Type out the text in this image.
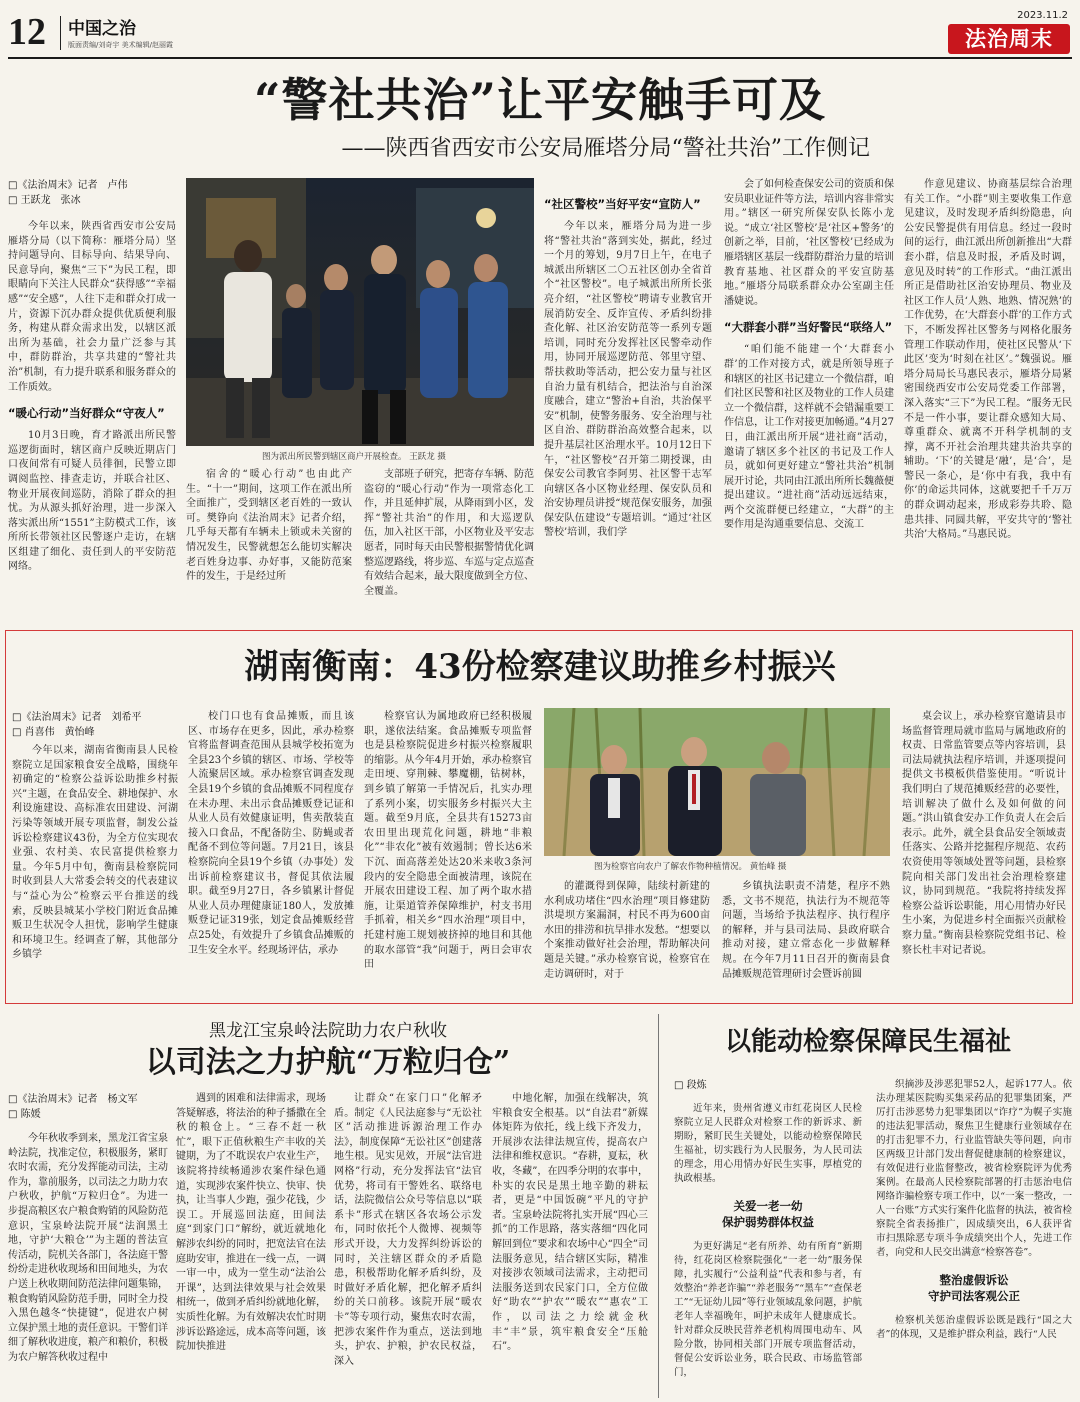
12 中国之治
版面责编/刘奇宇 美术编辑/赵丽霞
2023.11.2
法治周末
“警社共治”让平安触手可及
——陕西省西安市公安局雁塔分局“警社共治”工作侧记
□《法治周末》记者　卢伟
□ 王跃龙　张冰

今年以来，陕西省西安市公安局雁塔分局（以下简称：雁塔分局）坚持问题导向、目标导向、结果导向、民意导向，聚焦“三下”为民工程，即眼睛向下关注人民群众“获得感”“幸福感”“安全感”，人往下走和群众打成一片，资源下沉办群众提供优质便利服务，构建从群众需求出发，以辖区派出所为基础，社会力量广泛参与其中，群防群治，共享共建的“警社共治”机制，有力提升联系和服务群众的工作质效。

“暖心行动”当好群众“守夜人”

10月3日晚，育才路派出所民警巡逻街面时，辖区商户反映近期店门口夜间常有可疑人员徘徊，民警立即调阅监控、排查走访，并联合社区、物业开展夜间巡防，消除了群众的担忧。为从源头抓好治理，进一步深入落实派出所“1551”主防模式工作，该所所长带领社区民警逐户走访，在辖区组建了细化、责任到人的平安防范网络。

图为派出所民警到辖区商户开展检查。 王跃龙 摄

宿舍的“暖心行动”也由此产生。“十一”期间，这项工作在派出所全面推广，受到辖区老百姓的一致认可。樊铮向《法治周末》记者介绍，几乎每天都有车辆未上锁或未关窗的情况发生，民警就想怎么能切实解决老百姓身边事、办好事，又能防范案件的发生，于是经过所

支部班子研究，把寄存车辆、防范盗窃的“暖心行动”作为一项常态化工作，并且延伸扩展，从降雨到小区，发挥“警社共治”的作用，和大巡逻队伍，加入社区干部，小区物业及平安志愿者，同时每天由民警根据警情优化调整巡逻路线，将步巡、车巡与定点巡查有效结合起来，最大限度做到全方位、全覆盖。

“社区警校”当好平安“宣防人”

今年以来，雁塔分局为进一步将“警社共治”落到实处，据此，经过一个月的筹划，9月7日上午，在电子城派出所辖区二〇五社区创办全省首个“社区警校”。电子城派出所所长张亮介绍，“社区警校”聘请专业教官开展消防安全、反诈宣传、矛盾纠纷排查化解、社区治安防范等一系列专题培训，同时充分发挥社区民警牵动作用，协同开展巡逻防范、邻里守望、帮扶救助等活动，把公安力量与社区自治力量有机结合，把法治与自治深度融合，建立“警治+自治，共治保平安”机制，使警务服务、安全治理与社区自治、群防群治高效整合起来，以提升基层社区治理水平。10月12日下午，“社区警校”召开第二期授课，由保安公司教官李阿男、社区警干志军向辖区各小区物业经理、保安队员和治安协理员讲授“规范保安服务，加强保安队伍建设”专题培训。“通过‘社区警校’培训，我们学

会了如何检查保安公司的资质和保安员职业证件等方法，培训内容非常实用。”辖区一研究所保安队长陈小龙说。“成立‘社区警校’是‘社区+警务’的创新之举，目前，‘社区警校’已经成为雁塔辖区基层一线群防群治力量的培训教育基地、社区群众的平安宣防基地。”雁塔分局联系群众办公室副主任潘婕说。

“大群套小群”当好警民“联络人”

“咱们能不能建一个‘大群套小群’的工作对接方式，就是所领导班子和辖区的社区书记建立一个微信群，咱们社区民警和社区及物业的工作人员建立一个微信群，这样就不会错漏重要工作信息，让工作对接更加畅通。”4月27日，曲江派出所开展“进社商”活动，邀请了辖区多个社区的书记及工作人员，就如何更好建立“警社共治”机制展开讨论，共同由江派出所所长魏薇便提出建议。“进社商”活动远远结束，两个交流群便已经建立，“大群”的主要作用是沟通重要信息、交流工

作意见建议、协商基层综合治理有关工作。“小群”则主要收集工作意见建议，及时发现矛盾纠纷隐患，向公安民警提供有用信息。经过一段时间的运行，曲江派出所创新推出“大群套小群，信息及时报，矛盾及时调，意见及时转”的工作形式。“曲江派出所正是借助社区治安协理员、物业及社区工作人员‘人熟、地熟、情况熟’的工作优势，在‘大群套小群’的工作方式下，不断发挥社区警务与网格化服务管理工作联动作用，使社区民警从‘下此区’变为‘时刻在社区’。”魏强说。雁塔分局局长马惠民表示，雁塔分局紧密围绕西安市公安局党委工作部署，深入落实“三下”为民工程。“服务无民不是一件小事，要让群众感知大局、尊重群众、就离不开科学机制的支撑，离不开社会治理共建共治共享的辅助。‘下’的关键是‘融’，是‘合’，是警民一条心，是‘你中有我，我中有你’的命运共同体，这就要把千千万万的群众调动起来，形成彩券共聆、隐患共排、同圆共解，平安共守的‘警社共治’大格局。”马惠民说。

湖南衡南：43份检察建议助推乡村振兴
□《法治周末》记者　刘希平
□ 肖喜伟　黄怡峰

今年以来，湖南省衡南县人民检察院立足国家粮食安全战略，围绕年初确定的“检察公益诉讼助推乡村振兴”主题，在食品安全、耕地保护、水利设施建设、高标准农田建设、河湖污染等领域开展专项监督，制发公益诉讼检察建议43份，为全方位实现农业强、农村美、农民富提供检察力量。今年5月中旬，衡南县检察院同时收到县人大常委会转交的代表建议与“益心为公”检察云平台推送的线索，反映县城某小学校门附近食品摊贩卫生状况令人担忧，影响学生健康和环境卫生。经调查了解，其他部分乡镇学

校门口也有食品摊贩，而且该区、市场存在更多，因此，承办检察官将监督调查范围从县城学校拓宽为全县23个乡镇的辖区、市场、学校等人流聚居区域。承办检察官调查发现全县19个乡镇的食品摊贩不同程度存在未办理、未出示食品摊贩登记证和从业人员有效健康证明，售卖散装直接入口食品，不配备防尘、防蝇或者配备不到位等问题。7月21日，该县检察院向全县19个乡镇（办事处）发出诉前检察建议书，督促其依法履职。截至9月27日，各乡镇累计督促从业人员办理健康证180人，发放摊贩登记证319张，划定食品摊贩经营点25处，有效提升了乡镇食品摊贩的卫生安全水平。经现场评估，承办

检察官认为属地政府已经积极履职，遂依法结案。食品摊贩专项监督也是县检察院促进乡村振兴检察履职的缩影。从今年4月开始，承办检察官走田埂、穿荆棘、攀魔棚，钻树林，到乡镇了解第一手情况后，扎实办理了系列小案，切实服务乡村振兴大主题。截至9月底，全县共有15273亩农田里出现荒化问题，耕地“非粮化”“非农化”被有效遏制；曾长达6米下沉、面高落差处达20米来收3条河段内的安全隐患全面被清理，该院在开展农田建设工程、加了两个取水措施，让渠道管养保障维护，村支书用手抓着，相关乡“四水治理”项目中，托建村施工规划被挤掉的地目和其他的取水部管“我”问题于，两日会审农田

图为检察官向农户了解农作物种植情况。 黄怡峰 摄

的灌溉得到保障，陆续村新建的水利成功堵住“四水治理”项目修建防洪堤坝方案漏洞，村民不再为600亩水田的排涝和抗旱排水发愁。“想要以个案推动做好社会治理，帮助解决问题是关键。”承办检察官说，检察官在走访调研时，对于

乡镇执法职责不清楚，程序不熟悉，文书不规范，执法行为不规范等问题，当场给予执法程序、执行程序的解释，并与县司法局、县政府联合推动对接，建立常态化一步做解释规。在今年7月11日召开的衡南县食品摊贩规范管理研讨会暨诉前圆

桌会议上，承办检察官邀请县市场监督管理局就市监局与属地政府的权责、日常监管要点等内容培训，县司法局就执法程序培训，并逐项提问提供文书模板供借鉴使用。“听说计我们明白了规范摊贩经营的必要性，培训解决了做什么及如何做的问题。”洪山镇食安办工作负责人在会后表示。此外，就全县食品安全领域责任落实、公路并挖掘程序规范、农药农资使用等领域处置等问题，县检察院向相关部门发出社会治理检察建议，协同到规范。“我院将持续发挥检察公益诉讼职能，用心用情办好民生小案，为促进乡村全面振兴贡献检察力量。”衡南县检察院党组书记、检察长杜丰对记者说。

黑龙江宝泉岭法院助力农户秋收
以司法之力护航“万粒归仓”
□《法治周末》记者　杨文军
□ 陈媛

今年秋收季到来，黑龙江省宝泉岭法院，找准定位，积极服务，紧盯农时农需，充分发挥能动司法，主动作为，靠前服务，以司法之力助力农户秋收，护航“万粒归仓”。为进一步提高粮区农户粮食购销的风险防范意识，宝泉岭法院开展“法润黑土地，守护‘大粮仓’”为主题的普法宣传活动，院机关各部门，各法庭干警纷纷走进秋收现场和田间地头，为农户送上秋收期间防范法律问题集锦，粮食购销风险防范手册，同时全力投入黑色越冬“快捷键”，促进农户树立保护黑土地的责任意识。干警们详细了解秋收进度，粮产和粮价，积极为农户解答秋收过程中

遇到的困难和法律需求，现场答疑解惑，将法治的种子播撒在全秋的粮仓上。“三春不赶一秋忙”，眼下正值秋粮生产丰收的关键期，为了不耽误农户农业生产，该院将持续畅通涉农案件绿色通道，实现涉农案件快立、快审、快执，让当事人少跑，强少花钱，少误工。开展巡回法庭，田间法庭“到家门口”解纷，就近就地化解涉农纠纷的同时，把宽法官在法庭助安审，推进在一线一点，一调一审一中，成为一堂生动“法治公开课”，达到法律效果与社会效果相统一，做到矛盾纠纷就地化解，实质性化解。为有效解决农忙时期涉诉讼路途远，成本高等问题，该院加快推进

让群众“在家门口”化解矛盾。制定《人民法庭参与“无讼社区”活动推进诉源治理工作办法》，制度保障“无讼社区”创建落地生根。见实见效，开展“法官进网格”行动，充分发挥法官“法官优势，将司有干警姓名、联络电话，法院微信公众号等信息以“联系卡”形式在辖区各农场公示发布，同时依托个人微博、视频等形式开设，大力发挥纠纷诉讼的同时，关注辖区群众的矛盾隐患，积极帮助化解矛盾纠纷，及时做好矛盾化解，把化解矛盾纠纷的关口前移。该院开展“暖农卡”等专项行动，聚焦农时农需，把涉农案件作为重点，送法到地头，护农、护粮，护农民权益，深入

中地化解，加强在线解决，筑牢粮食安全根基。以“自法君”新媒体矩阵为依托，线上线下齐发力，开展涉农法律法规宣传，提高农户法律和维权意识。“春耕，夏耘，秋收，冬藏”，在四季分明的农事中，朴实的农民是黑土地辛勤的耕耘者，更是“中国饭碗”平凡的守护者。宝泉岭法院将扎实开展“四心三抓”的工作思路，落实落细“四化同解回到位”要求和农场中心“四全”司法服务意见，结合辖区实际，精准对接涉农领域司法需求，主动把司法服务送到农民家门口，全方位做好“助农”“护农”“暖农”“惠农”工作，以司法之力绘就金秋丰“丰”景，筑牢粮食安全“压舱石”。

以能动检察保障民生福祉
□ 段炼

近年来，贵州省遵义市红花岗区人民检察院立足人民群众对检察工作的新诉求、新期盼，紧盯民生关键处，以能动检察保障民生福祉，切实践行为人民服务，为人民司法的理念，用心用情办好民生实事，厚植党的执政根基。

关爱一老一幼
保护弱势群体权益

为更好满足“老有所养、幼有所育”新期待，红花岗区检察院强化“一老一幼”服务保障，扎实履行“公益利益”代表和参与者，有效整治“养老诈骗”“养老服务”“黑车”“查保老工”“无证幼儿园”等行业领域乱象问题，护航老年人幸福晚年，呵护未成年人健康成长。针对群众反映民营养老机构周围电动车、风险分散，协同相关部门开展专项监督活动，督促公安诉讼业务，联合民政、市场监管部门，

织摘涉及涉恶犯罪52人，起诉177人。依法办理某医院购买集采药品的犯罪集团案，严厉打击涉恶势力犯罪集团以“诈疗”为幌子实施的违法犯罪活动，聚焦卫生健康行业领域存在的打击犯罪不力，行业监管缺失等问题，向市区两级卫计部门发出督促健康制的检察建议，有效促进行业监督整改，被省检察院评为优秀案例。在最高人民检察院部署的打击惩治电信网络诈骗检察专项工作中，以“一案一整改，一人一台账”方式实行案件化监督的执法，被省检察院全省表扬推广，因成绩突出，6人获评省市扫黑除恶专项斗争成绩突出个人，先进工作者，向党和人民交出满意“检察答卷”。

整治虚假诉讼
守护司法客观公正

检察机关惩治虚假诉讼既是践行“国之大者”的体现，又是维护群众利益，践行“人民
